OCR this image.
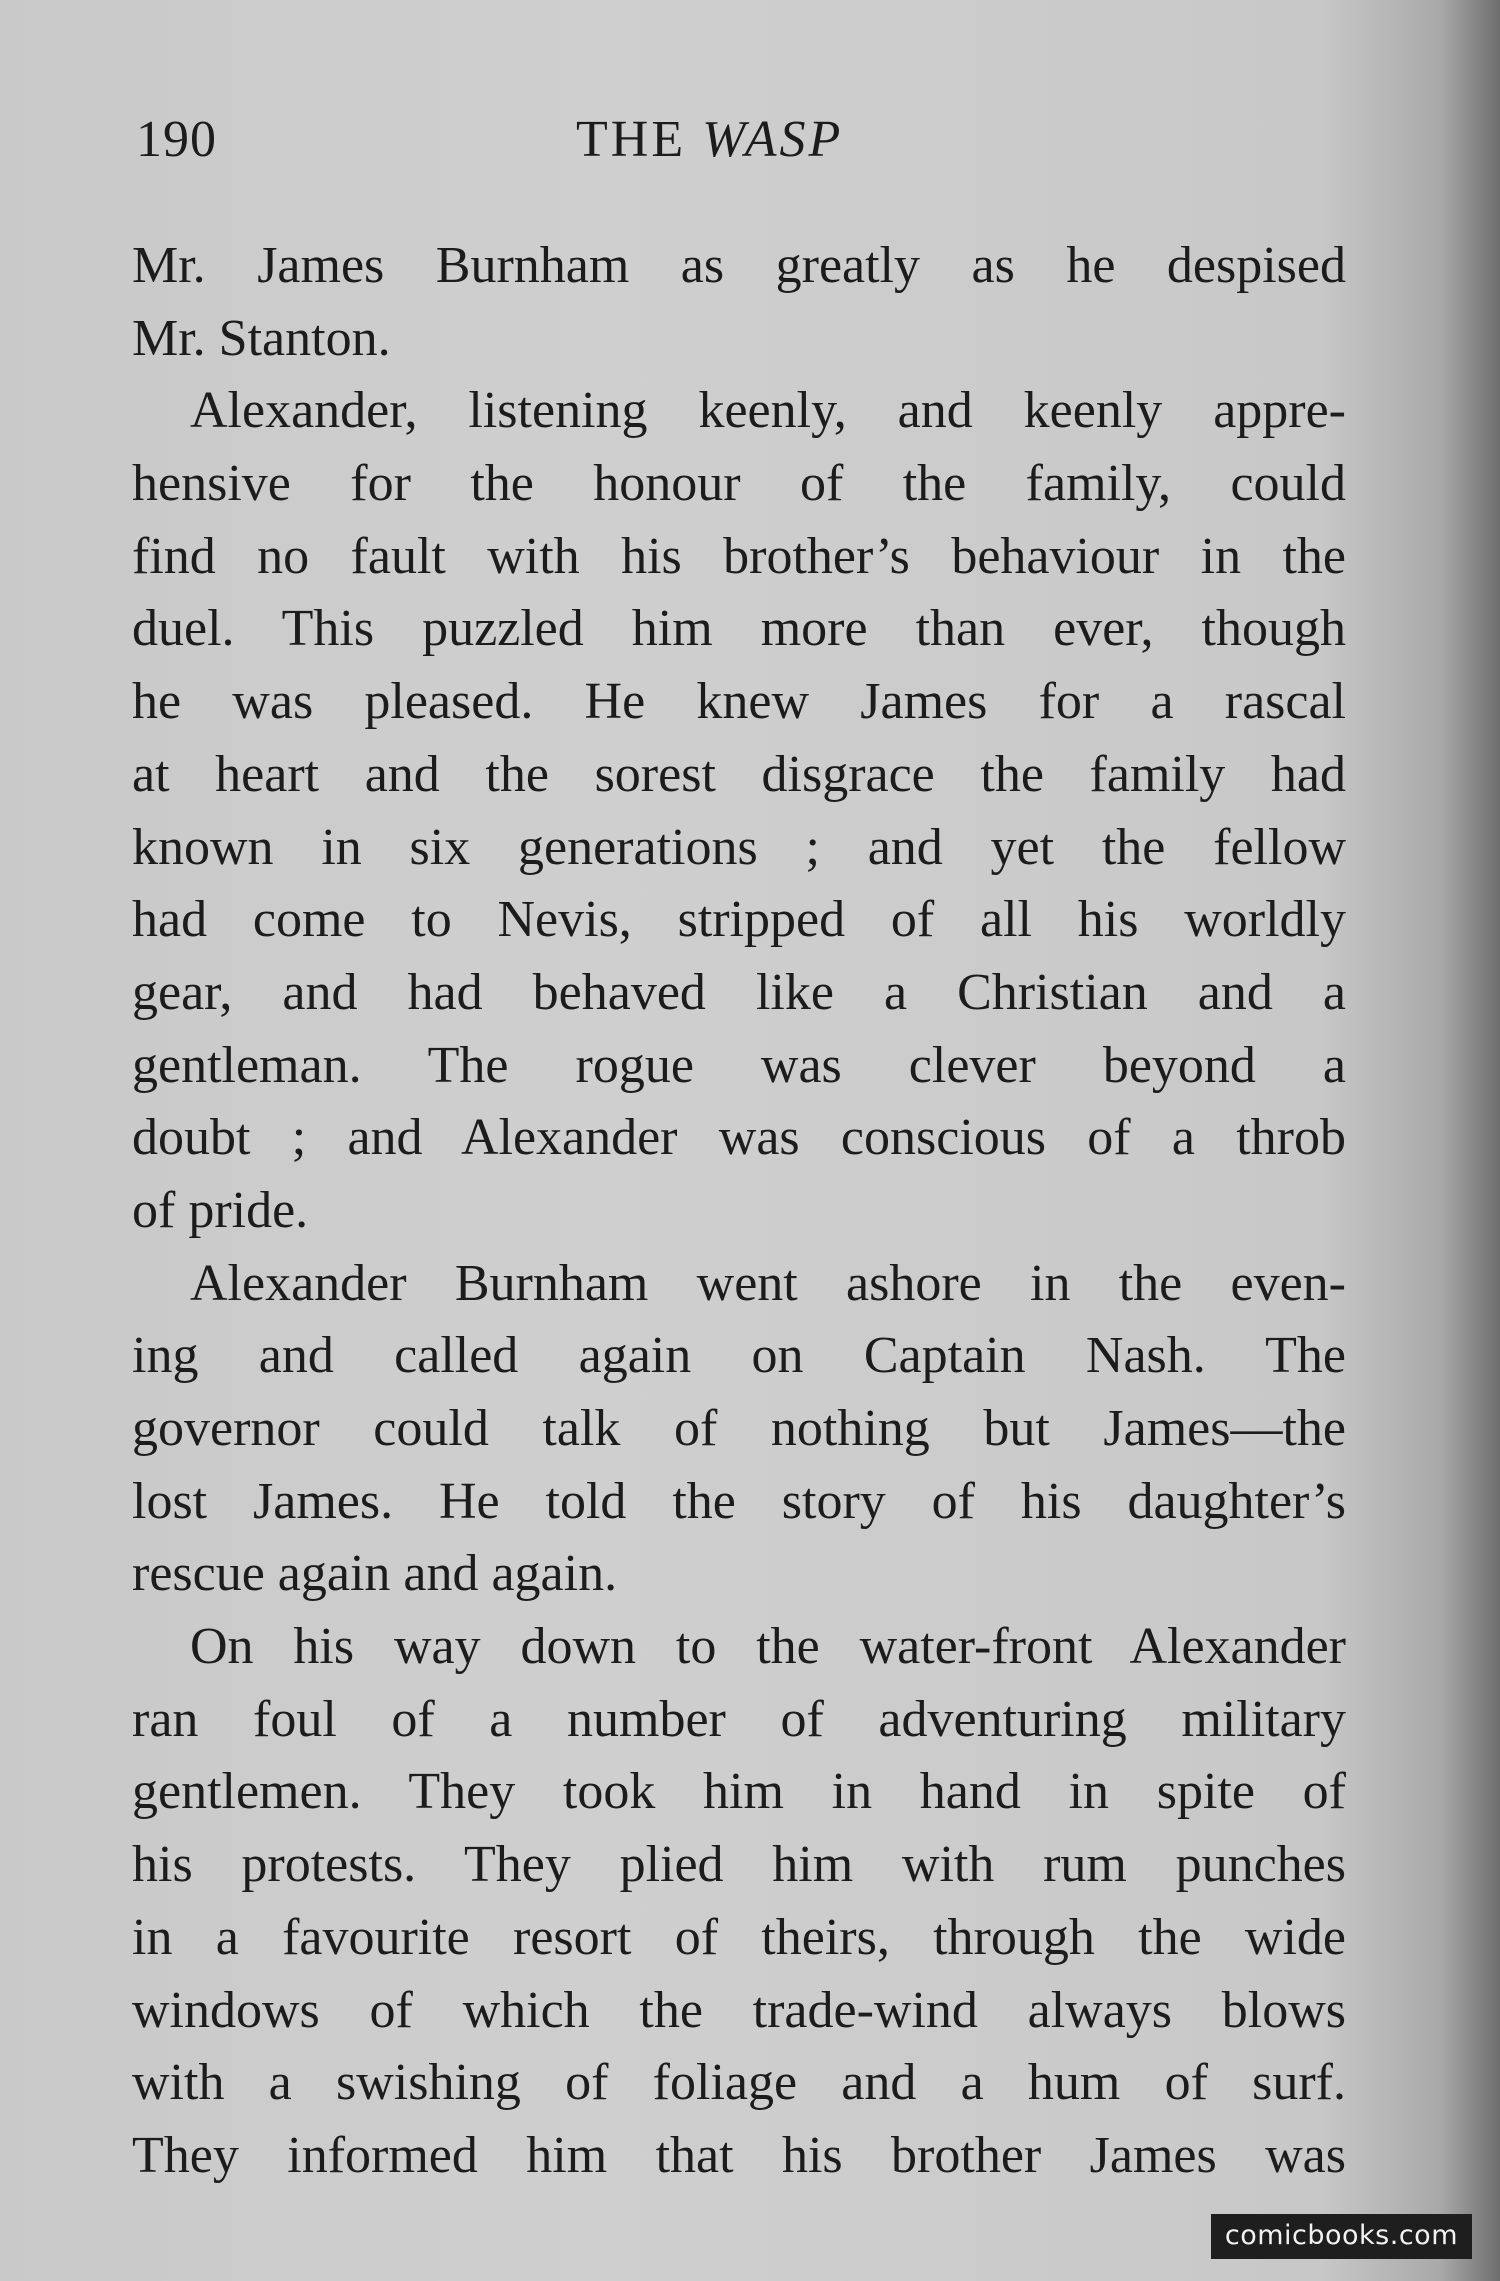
190	THE WASP
Mr. James Burnham as greatly as he despised
Mr. Stanton.
Alexander, listening keenly, and keenly appre-
hensive for the honour of the family, could
find no fault with his brother’s behaviour in the
duel. This puzzled him more than ever, though
he was pleased. He knew James for a rascal
at heart and the sorest disgrace the family had
known in six generations ; and yet the fellow
had come to Nevis, stripped of all his worldly
gear, and had behaved like a Christian and a
gentleman. The rogue was clever beyond a
doubt ; and Alexander was conscious of a throb
of pride.
Alexander Burnham went ashore in the even-
ing and called again on Captain Nash. The
governor could talk of nothing but James—the
lost James. He told the story of his daughter’s
rescue again and again.
On his way down to the water-front Alexander
ran foul of a number of adventuring military
gentlemen. They took him in hand in spite of
his protests. They plied him with rum punches
in a favourite resort of theirs, through the wide
windows of which the trade-wind always blows
with a swishing of foliage and a hum of surf.
They informed him that his brother James was
comicbooks.com
